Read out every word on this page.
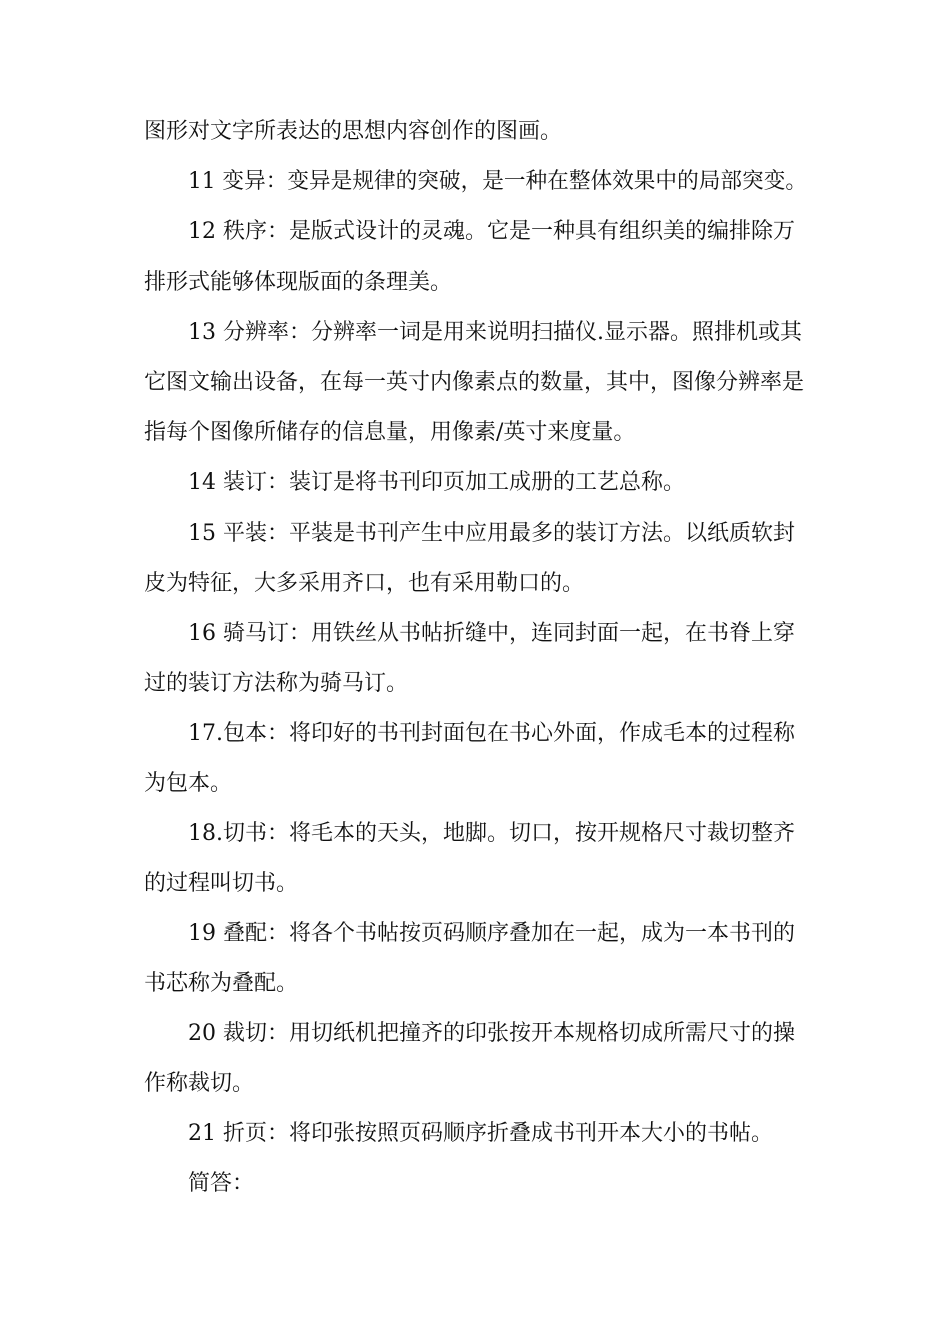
图形对文字所表达的思想内容创作的图画。
11 变异：变异是规律的突破，是一种在整体效果中的局部突变。
12 秩序：是版式设计的灵魂。它是一种具有组织美的编排除万
排形式能够体现版面的条理美。
13 分辨率：分辨率一词是用来说明扫描仪.显示器。照排机或其
它图文输出设备，在每一英寸内像素点的数量，其中，图像分辨率是
指每个图像所储存的信息量，用像素/英寸来度量。
14 装订：装订是将书刊印页加工成册的工艺总称。
15 平装：平装是书刊产生中应用最多的装订方法。以纸质软封
皮为特征，大多采用齐口，也有采用勒口的。
16 骑马订：用铁丝从书帖折缝中，连同封面一起，在书脊上穿
过的装订方法称为骑马订。
17.包本：将印好的书刊封面包在书心外面，作成毛本的过程称
为包本。
18.切书：将毛本的天头，地脚。切口，按开规格尺寸裁切整齐
的过程叫切书。
19 叠配：将各个书帖按页码顺序叠加在一起，成为一本书刊的
书芯称为叠配。
20 裁切：用切纸机把撞齐的印张按开本规格切成所需尺寸的操
作称裁切。
21 折页：将印张按照页码顺序折叠成书刊开本大小的书帖。
简答：
